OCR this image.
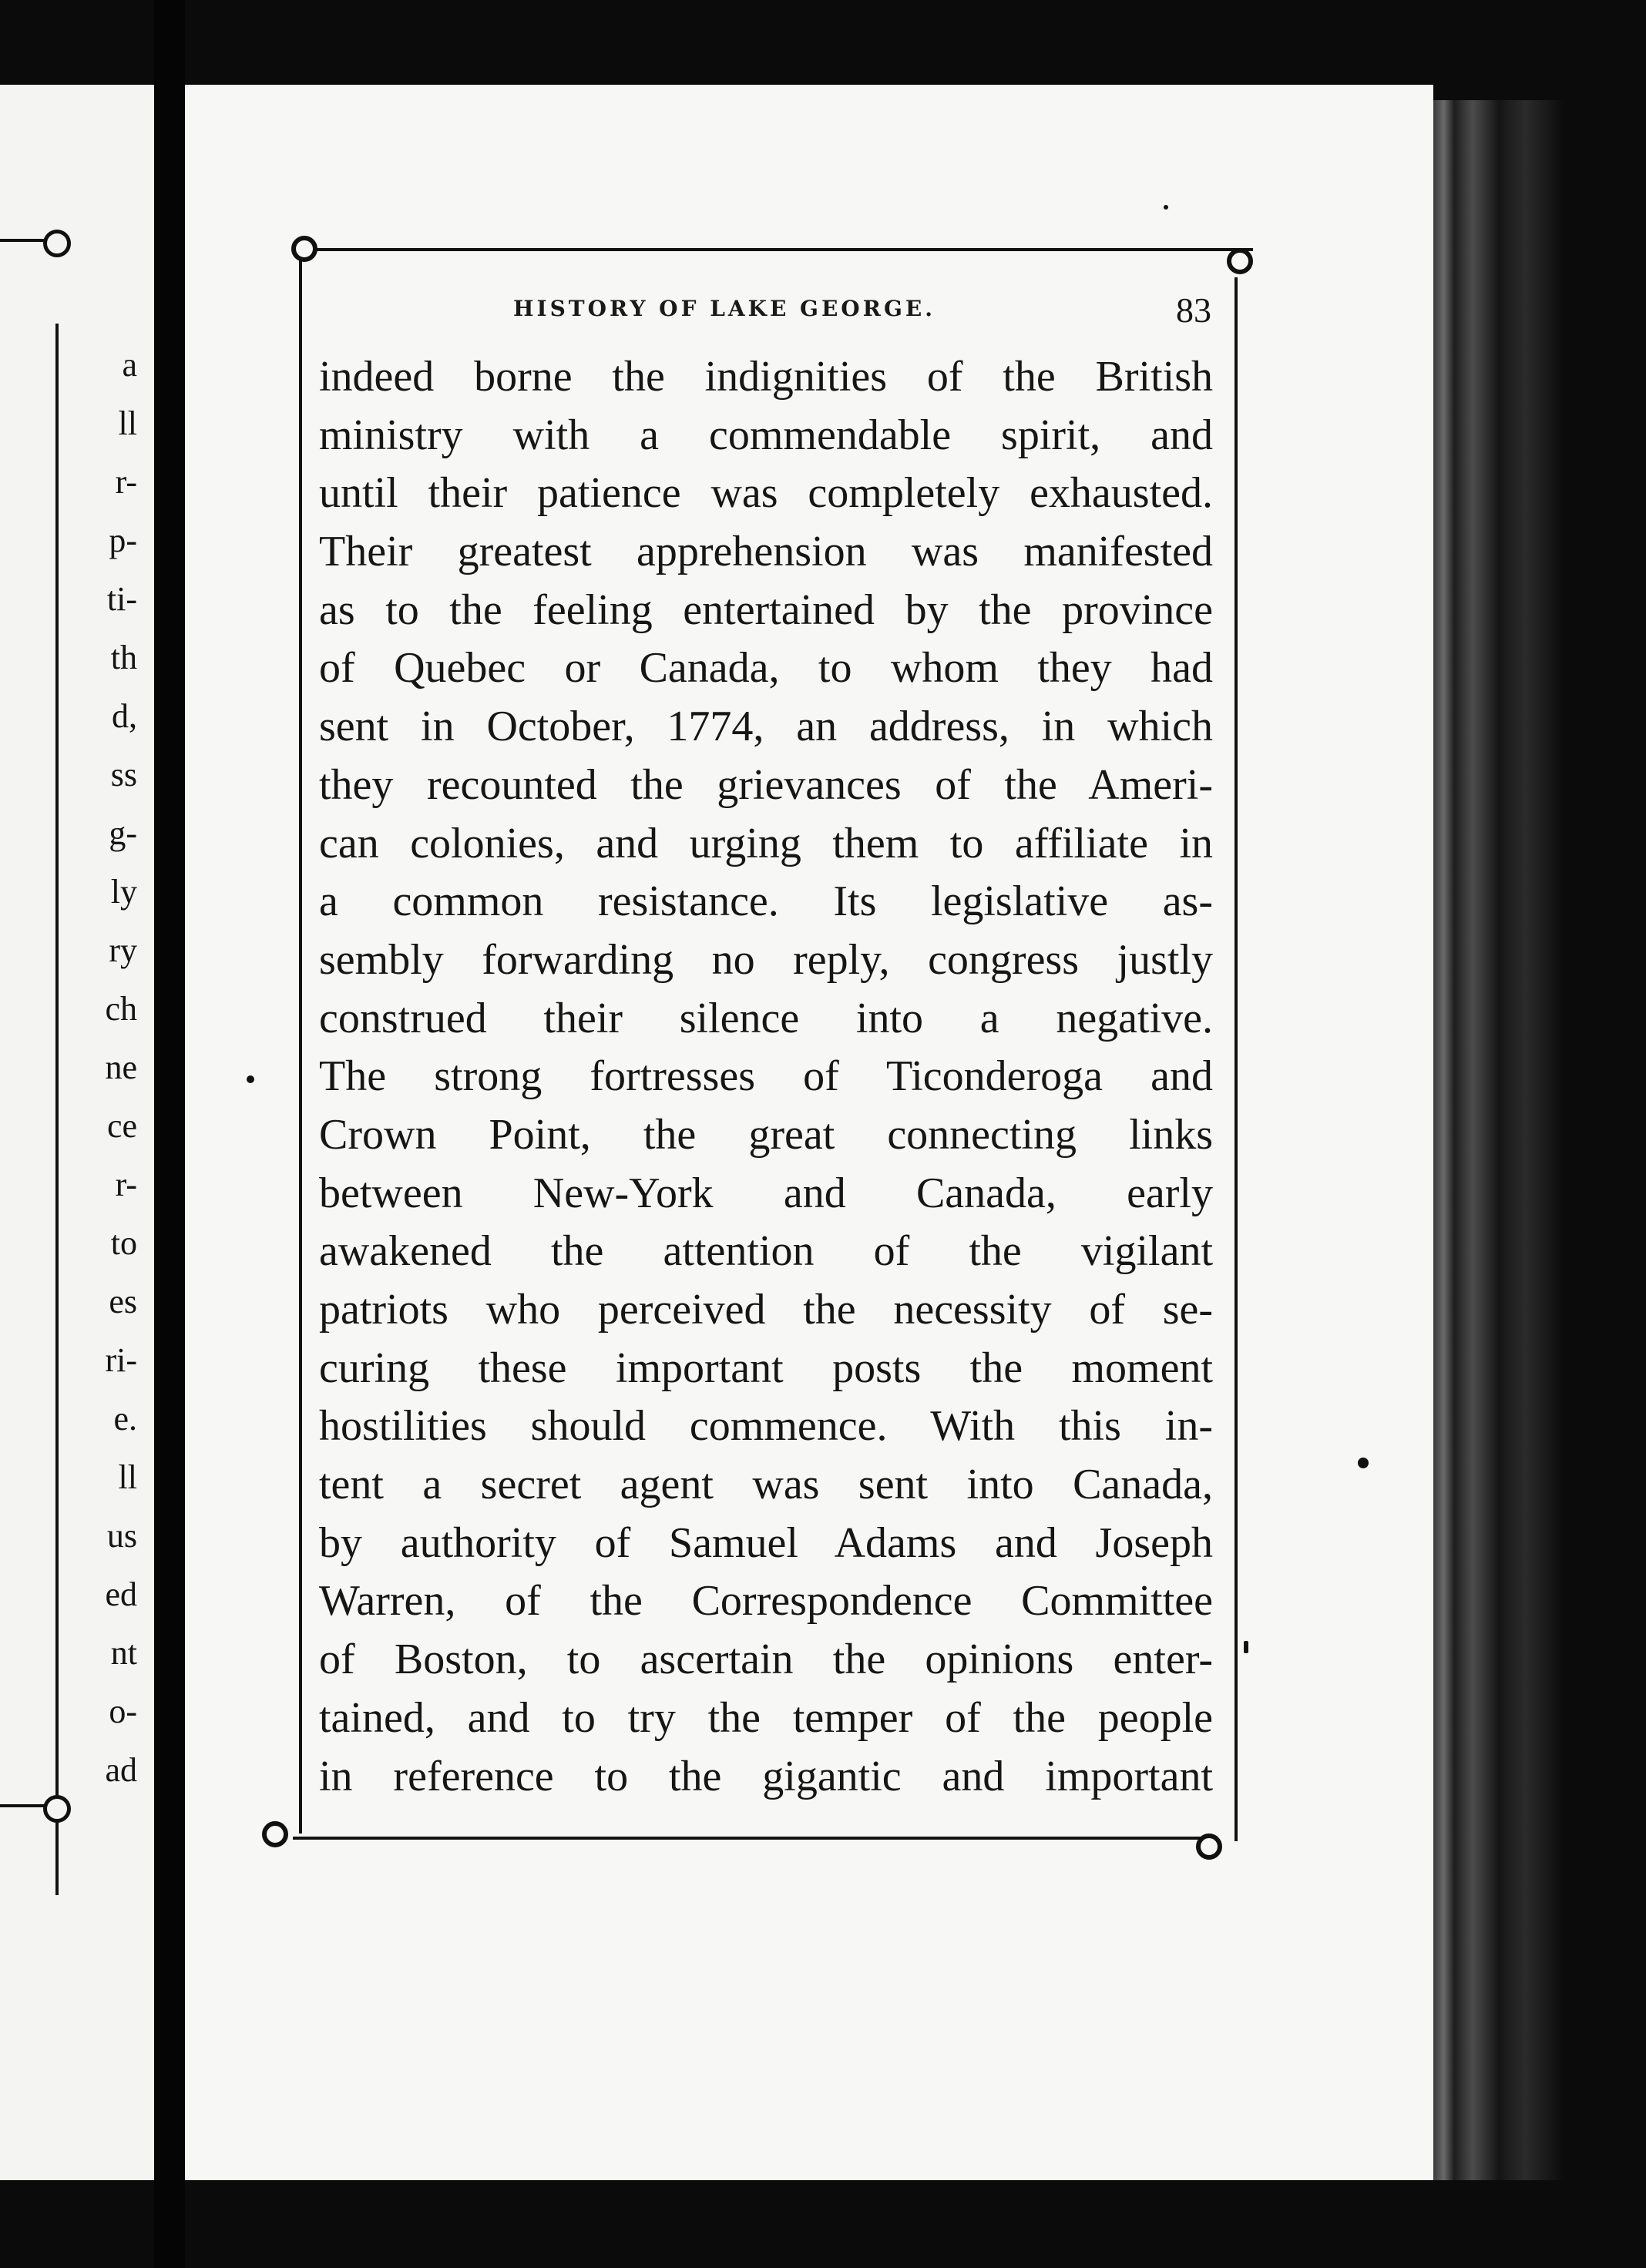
a
ll
r-
p-
ti-
th
d,
ss
g-
ly
ry
ch
ne
ce
r-
to
es
ri-
e.
ll
us
ed
nt
o-
ad
HISTORY OF LAKE GEORGE.	83
indeed borne the indignities of the British
ministry with a commendable spirit, and
until their patience was completely exhausted.
Their greatest apprehension was manifested
as to the feeling entertained by the province
of Quebec or Canada, to whom they had
sent in October, 1774, an address, in which
they recounted the grievances of the Ameri-
can colonies, and urging them to affiliate in
a common resistance. Its legislative as-
sembly forwarding no reply, congress justly
construed their silence into a negative.
The strong fortresses of Ticonderoga and
Crown Point, the great connecting links
between New-York and Canada, early
awakened the attention of the vigilant
patriots who perceived the necessity of se-
curing these important posts the moment
hostilities should commence. With this in-
tent a secret agent was sent into Canada,
by authority of Samuel Adams and Joseph
Warren, of the Correspondence Committee
of Boston, to ascertain the opinions enter-
tained, and to try the temper of the people
in reference to the gigantic and important
